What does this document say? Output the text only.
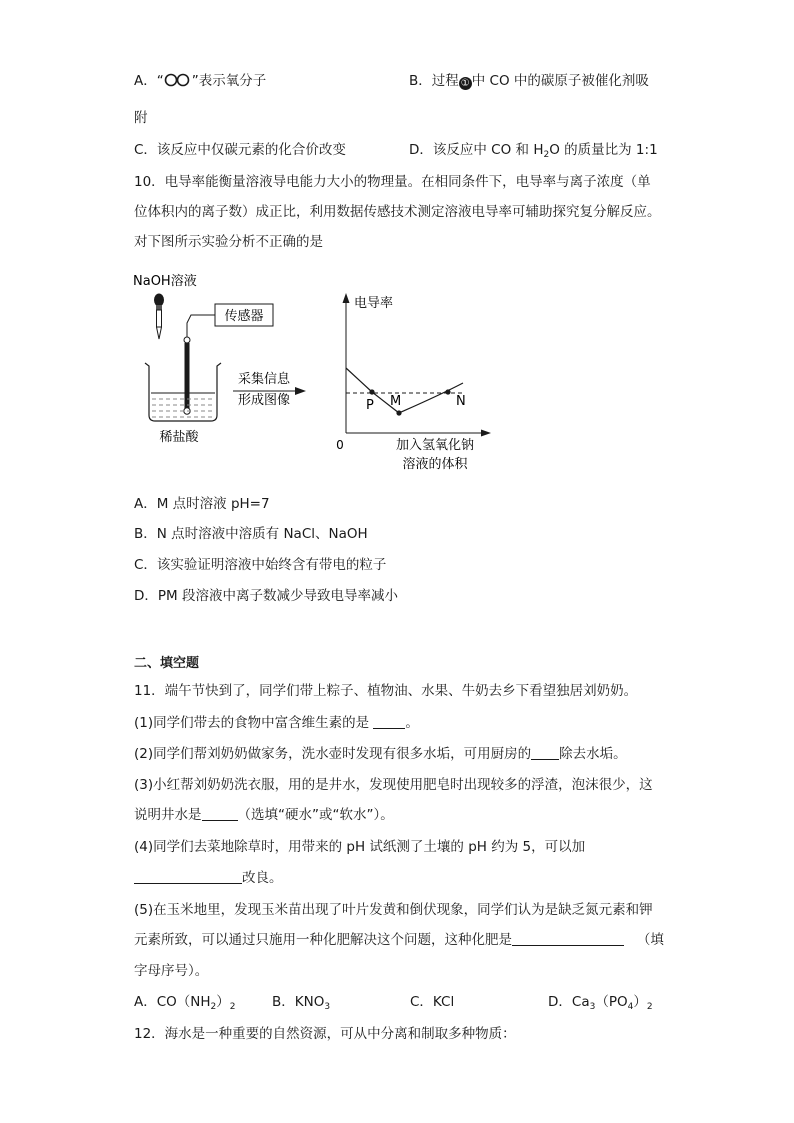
A．“ ”表示氧分子	B．过程 ① 中 CO 中的碳原子被催化剂吸
附
C．该反应中仅碳元素的化合价改变	D．该反应中 CO 和 $H_2O$ 的质量比为 1:1
10．电导率能衡量溶液导电能力大小的物理量。在相同条件下，电导率与离子浓度（单
位体积内的离子数）成正比，利用数据传感技术测定溶液电导率可辅助探究复分解反应。
对下图所示实验分析不正确的是
NaOH溶液
传感器
稀盐酸
采集信息
形成图像
电导率
0	加入氢氧化钠
溶液的体积
P M	N
A．M 点时溶液 pH=7
B．N 点时溶液中溶质有 NaCl、NaOH
C．该实验证明溶液中始终含有带电的粒子
D．PM 段溶液中离子数减少导致电导率减小
二、填空题
11．端午节快到了，同学们带上粽子、植物油、水果、牛奶去乡下看望独居刘奶奶。
(1)同学们带去的食物中富含维生素的是	。
(2)同学们帮刘奶奶做家务，洗水壶时发现有很多水垢，可用厨房的 除去水垢。
(3)小红帮刘奶奶洗衣服，用的是井水，发现使用肥皂时出现较多的浮渣，泡沫很少，这
说明井水是	（选填“硬水”或“软水”）。
(4)同学们去菜地除草时，用带来的 pH 试纸测了土壤的 pH 约为 5，可以加
改良。
(5)在玉米地里，发现玉米苗出现了叶片发黄和倒伏现象，同学们认为是缺乏氮元素和钾
元素所致，可以通过只施用一种化肥解决这个问题，这种化肥是	（填
字母序号）。
A．$CO(NH_2)_2$	B．$KNO_3$	C．KCl	D．$Ca_3(PO_4)_2$
12．海水是一种重要的自然资源，可从中分离和制取多种物质：
